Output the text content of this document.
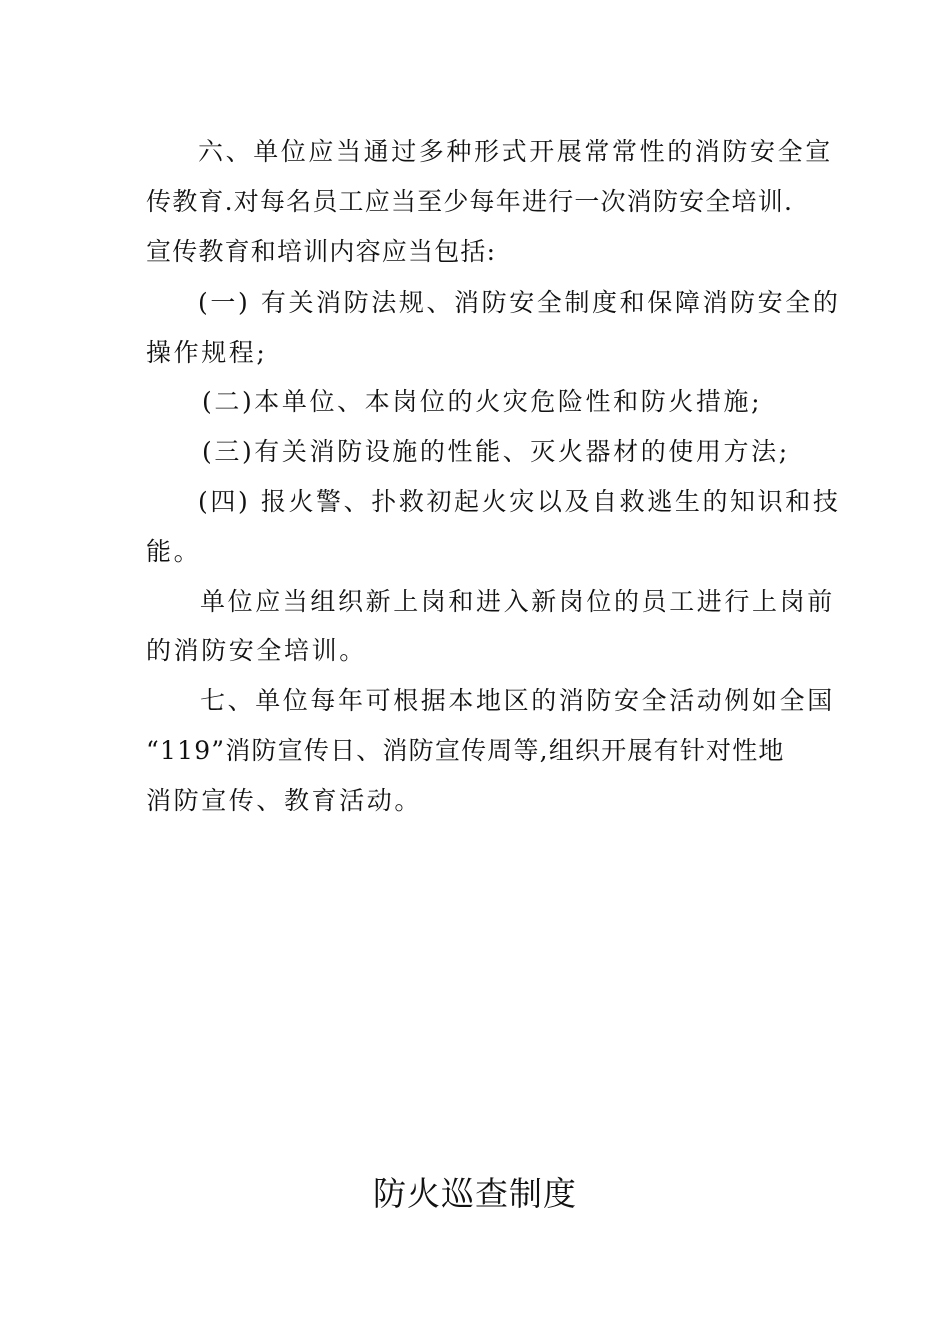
六、单位应当通过多种形式开展常常性的消防安全宣
传教育.对每名员工应当至少每年进行一次消防安全培训.
宣传教育和培训内容应当包括:
(一) 有关消防法规、消防安全制度和保障消防安全的
操作规程;
(二)本单位、本岗位的火灾危险性和防火措施;
(三)有关消防设施的性能、灭火器材的使用方法;
(四) 报火警、扑救初起火灾以及自救逃生的知识和技
能。
单位应当组织新上岗和进入新岗位的员工进行上岗前
的消防安全培训。
七、单位每年可根据本地区的消防安全活动例如全国
“119”消防宣传日、消防宣传周等,组织开展有针对性地
消防宣传、教育活动。
防火巡查制度
